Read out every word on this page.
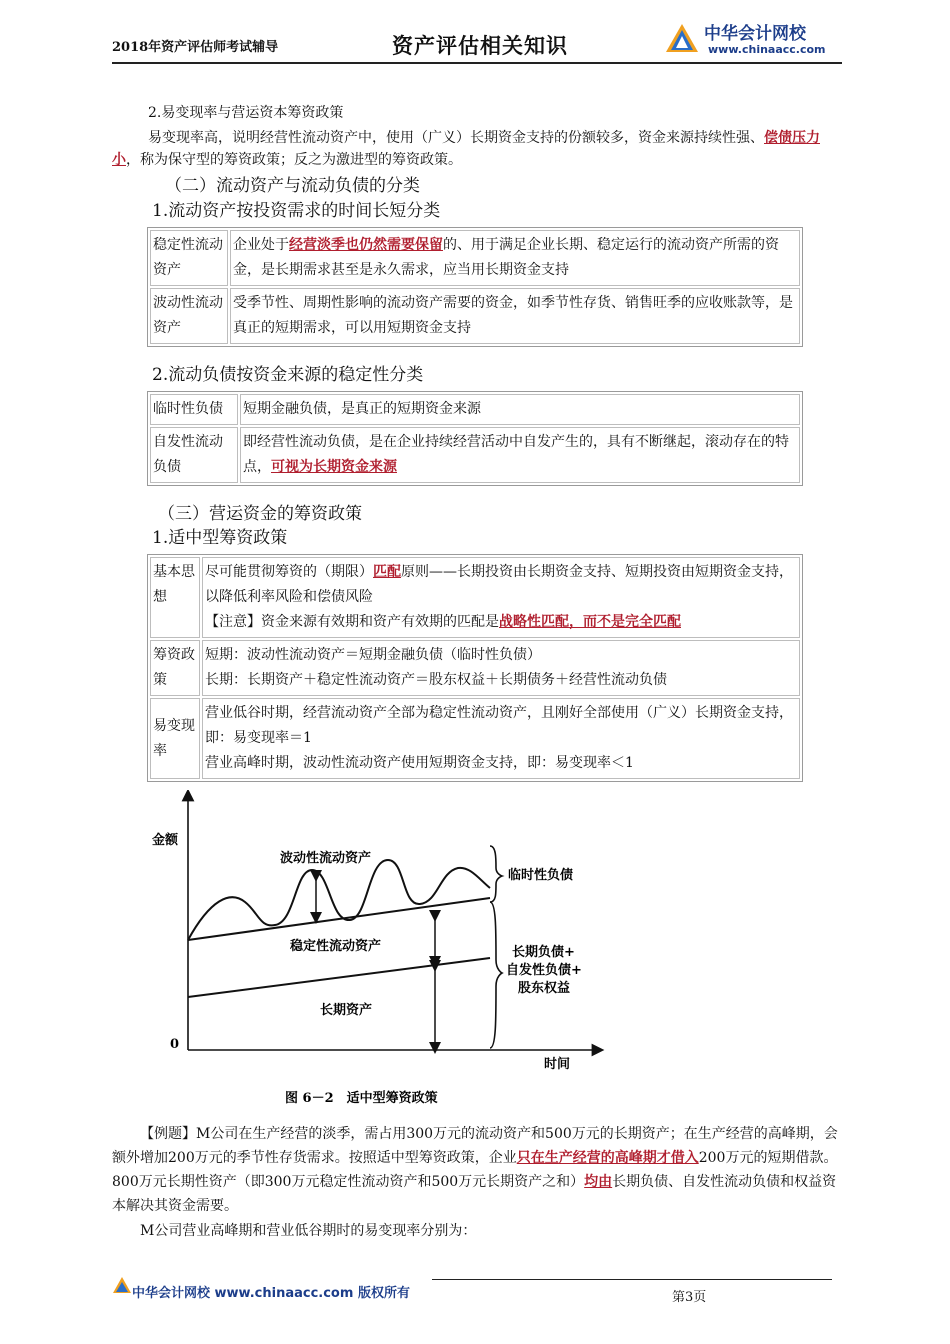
2018年资产评估师考试辅导	资产评估相关知识	中华会计网校
www.chinaacc.com
2.易变现率与营运资本筹资政策
易变现率高，说明经营性流动资产中，使用（广义）长期资金支持的份额较多，资金来源持续性强、偿债压力小，称为保守型的筹资政策；反之为激进型的筹资政策。
（二）流动资产与流动负债的分类
1.流动资产按投资需求的时间长短分类
稳定性流动资产	企业处于经营淡季也仍然需要保留的、用于满足企业长期、稳定运行的流动资产所需的资金，是长期需求甚至是永久需求，应当用长期资金支持
波动性流动资产	受季节性、周期性影响的流动资产需要的资金，如季节性存货、销售旺季的应收账款等，是真正的短期需求，可以用短期资金支持
2.流动负债按资金来源的稳定性分类
临时性负债	短期金融负债，是真正的短期资金来源
自发性流动负债	即经营性流动负债，是在企业持续经营活动中自发产生的，具有不断继起，滚动存在的特点，可视为长期资金来源
（三）营运资金的筹资政策
1.适中型筹资政策
基本思想	尽可能贯彻筹资的（期限）匹配原则——长期投资由长期资金支持、短期投资由短期资金支持，以降低利率风险和偿债风险
【注意】资金来源有效期和资产有效期的匹配是战略性匹配，而不是完全匹配
筹资政策	短期：波动性流动资产＝短期金融负债（临时性负债）
长期：长期资产＋稳定性流动资产＝股东权益＋长期债务＋经营性流动负债

易变现率	营业低谷时期，经营流动资产全部为稳定性流动资产，且刚好全部使用（广义）长期资金支持，即：易变现率＝1
营业高峰时期，波动性流动资产使用短期资金支持，即：易变现率＜1
金额
时间
0
波动性流动资产
稳定性流动资产
长期资产
临时性负债
长期负债+
自发性负债+
股东权益
图 6－2　适中型筹资政策
【例题】M公司在生产经营的淡季，需占用300万元的流动资产和500万元的长期资产；在生产经营的高峰期，会额外增加200万元的季节性存货需求。按照适中型筹资政策，企业只在生产经营的高峰期才借入200万元的短期借款。800万元长期性资产（即300万元稳定性流动资产和500万元长期资产之和）均由长期负债、自发性流动负债和权益资本解决其资金需要。
M公司营业高峰期和营业低谷期时的易变现率分别为：
中华会计网校 www.chinaacc.com 版权所有	第3页
